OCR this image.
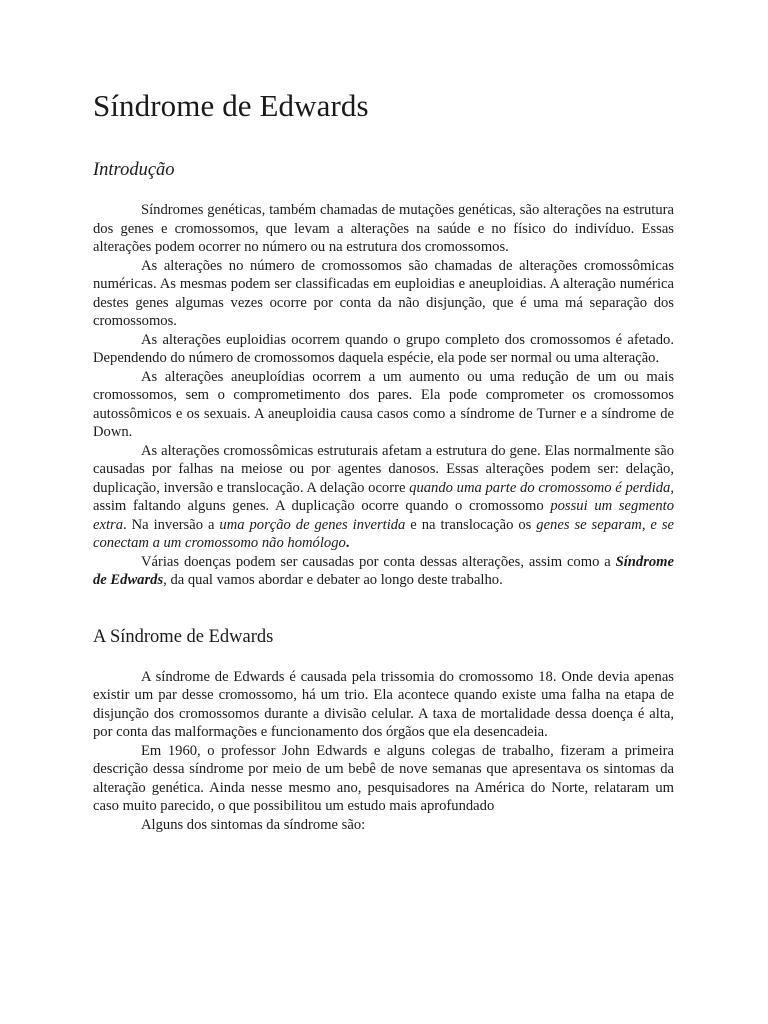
Síndrome de Edwards
Introdução

Síndromes genéticas, também chamadas de mutações genéticas, são alterações na estrutura dos genes e cromossomos, que levam a alterações na saúde e no físico do indivíduo. Essas alterações podem ocorrer no número ou na estrutura dos cromossomos.

As alterações no número de cromossomos são chamadas de alterações cromossômicas numéricas. As mesmas podem ser classificadas em euploidias e aneuploidias. A alteração numérica destes genes algumas vezes ocorre por conta da não disjunção, que é uma má separação dos cromossomos.

As alterações euploidias ocorrem quando o grupo completo dos cromossomos é afetado. Dependendo do número de cromossomos daquela espécie, ela pode ser normal ou uma alteração.

As alterações aneuploídias ocorrem a um aumento ou uma redução de um ou mais cromossomos, sem o comprometimento dos pares. Ela pode comprometer os cromossomos autossômicos e os sexuais. A aneuploidia causa casos como a síndrome de Turner e a síndrome de Down.

As alterações cromossômicas estruturais afetam a estrutura do gene. Elas normalmente são causadas por falhas na meiose ou por agentes danosos. Essas alterações podem ser: delação, duplicação, inversão e translocação. A delação ocorre quando uma parte do cromossomo é perdida, assim faltando alguns genes. A duplicação ocorre quando o cromossomo possui um segmento extra. Na inversão a uma porção de genes invertida e na translocação os genes se separam, e se conectam a um cromossomo não homólogo.

Várias doenças podem ser causadas por conta dessas alterações, assim como a Síndrome de Edwards, da qual vamos abordar e debater ao longo deste trabalho.

A Síndrome de Edwards

A síndrome de Edwards é causada pela trissomia do cromossomo 18. Onde devia apenas existir um par desse cromossomo, há um trio. Ela acontece quando existe uma falha na etapa de disjunção dos cromossomos durante a divisão celular. A taxa de mortalidade dessa doença é alta, por conta das malformações e funcionamento dos órgãos que ela desencadeia.

Em 1960, o professor John Edwards e alguns colegas de trabalho, fizeram a primeira descrição dessa síndrome por meio de um bebê de nove semanas que apresentava os sintomas da alteração genética. Ainda nesse mesmo ano, pesquisadores na América do Norte, relataram um caso muito parecido, o que possibilitou um estudo mais aprofundado

Alguns dos sintomas da síndrome são:
